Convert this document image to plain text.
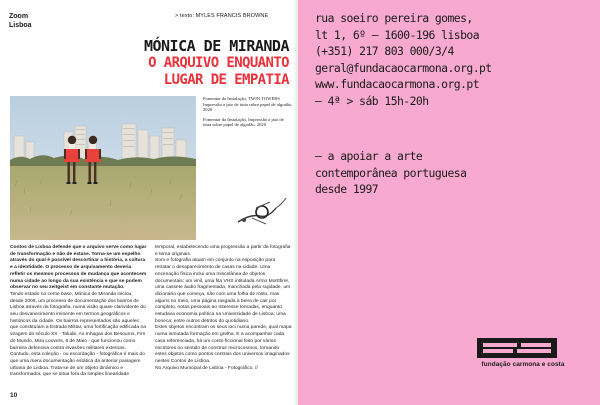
Zoom
Lisboa
> texto: MYLES FRANCIS BROWNE
MÓNICA DE MIRANDA
O ARQUIVO ENQUANTO
LUGAR DE EMPATIA

Fomentar da Instalação, TWIN TOWERS Impressão a jato de tinta sobre papel de algodão, 2020

Fomentar da Instalação, Impressão a jato de tinta sobre papel de algodão, 2020

Contos de Lisboa defende que o arquivo serve como lugar de transformação e não de estase. Torna-se um espelho através do qual é possível descortinar a história, a cultura e a identidade. O processo de arquivamento deveria refletir os mesmos processos de mudança que acontecem numa cidade ao longo da sua existência e que se podem observar no seu zeitgeist em constante mutação.

Tendo estado no cerne base, Mónica de Miranda iniciou, desde 2009, um processo de documentação dos bairros de Lisboa através da fotografia, numa visão quase clarividente do seu desvanecimento iminente em termos geográficos e históricos da cidade. Os bairros representados são aqueles que constituíam a Estrada Militar, uma fortificação edificada na viragem do século XX - Talude, As Inhagas dos Besouros, Fim do Mundo, Mira Louvers, 6 de Maio - que funcionou como barreira defensiva contra invasões militares externas.

Contudo, esta coleção - ou escordação - fotográfica é mais do que uma mera documentação estática da anterior paisagem urbana de Lisboa. Trata-se de um objeto dinâmico e transformador, que se situa fora da simples linearidade temporal, estabelecendo uma progressão a partir da fotografia e terna originais.

Som e fotografia atuam em conjunto na exposição para retratar o desaparecimento de casas na cidade. Uma encenação física inclui uma miscelânea de objetos documentais: um vinil, uma fita VHS intitulada Armo Morttfirer, uma cassete áudio fragmentada, manchada pela sujidade, um dicionário que começa, não com uma folha de rosto, mas alguns no meio, uma página rasgada à beira de cair por completo, notas pessoais ao Interesse tornadas, enquanto estudava economia política na Universidade de Lisboa; uma boneca; entre outros detritos do quotidiano.

Estes objetos encontram os seus ioci numa parede, qual mapa numa inmutada formação em grelha. E a acompanhar cada casa referenciada, há um conto ficcional feito por vários escritores no sentido de construir microcosmos, tornando estes objetos como pontos centrais dos universos imaginados nestes Contos de Lisboa.

No Arquivo Municipal de Lisboa - Fotográfico. //

10
rua soeiro pereira gomes,
lt 1, 6º — 1600-196 lisboa
(+351) 217 803 000/3/4
geral@fundacaocarmona.org.pt
www.fundacaocarmona.org.pt
— 4ª > sáb 15h-20h
— a apoiar a arte
contemporânea portuguesa
desde 1997
fundação carmona e costa
